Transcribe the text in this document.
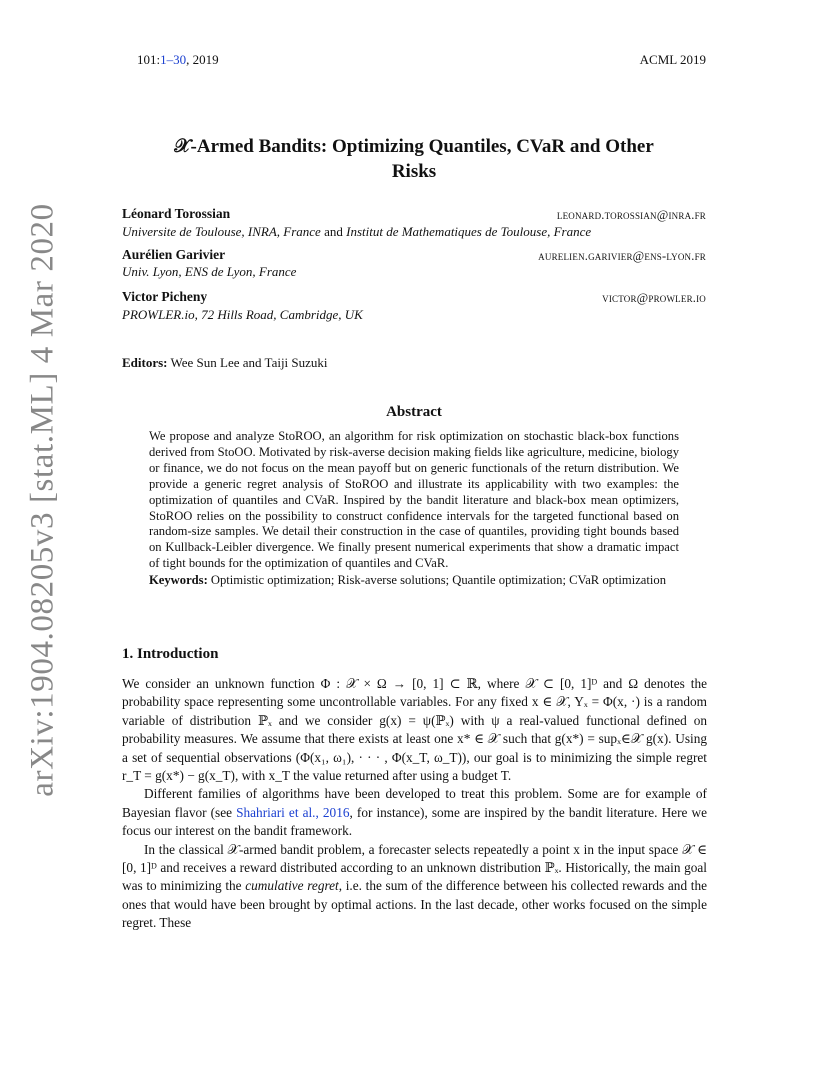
101:1–30, 2019	ACML 2019
arXiv:1904.08205v3 [stat.ML] 4 Mar 2020
𝒳-Armed Bandits: Optimizing Quantiles, CVaR and Other
Risks
Léonard Torossian	leonard.torossian@inra.fr
Universite de Toulouse, INRA, France and Institut de Mathematiques de Toulouse, France
Aurélien Garivier	aurelien.garivier@ens-lyon.fr
Univ. Lyon, ENS de Lyon, France
Victor Picheny	victor@prowler.io
PROWLER.io, 72 Hills Road, Cambridge, UK
Editors: Wee Sun Lee and Taiji Suzuki
Abstract

We propose and analyze StoROO, an algorithm for risk optimization on stochastic black-box functions derived from StoOO. Motivated by risk-averse decision making fields like agriculture, medicine, biology or finance, we do not focus on the mean payoff but on generic functionals of the return distribution. We provide a generic regret analysis of StoROO and illustrate its applicability with two examples: the optimization of quantiles and CVaR. Inspired by the bandit literature and black-box mean optimizers, StoROO relies on the possibility to construct confidence intervals for the targeted functional based on random-size samples. We detail their construction in the case of quantiles, providing tight bounds based on Kullback-Leibler divergence. We finally present numerical experiments that show a dramatic impact of tight bounds for the optimization of quantiles and CVaR.

Keywords: Optimistic optimization; Risk-averse solutions; Quantile optimization; CVaR optimization

1. Introduction

We consider an unknown function Φ : 𝒳 × Ω → [0, 1] ⊂ ℝ, where 𝒳 ⊂ [0, 1]ᴰ and Ω denotes the probability space representing some uncontrollable variables. For any fixed x ∈ 𝒳, Yₓ = Φ(x, ·) is a random variable of distribution ℙₓ and we consider g(x) = ψ(ℙₓ) with ψ a real-valued functional defined on probability measures. We assume that there exists at least one x* ∈ 𝒳 such that g(x*) = supₓ∈𝒳 g(x). Using a set of sequential observations (Φ(x₁, ω₁), · · · , Φ(x_T, ω_T)), our goal is to minimizing the simple regret r_T = g(x*) − g(x_T), with x_T the value returned after using a budget T.

Different families of algorithms have been developed to treat this problem. Some are for example of Bayesian flavor (see Shahriari et al., 2016, for instance), some are inspired by the bandit literature. Here we focus our interest on the bandit framework.

In the classical 𝒳-armed bandit problem, a forecaster selects repeatedly a point x in the input space 𝒳 ∈ [0, 1]ᴰ and receives a reward distributed according to an unknown distribution ℙₓ. Historically, the main goal was to minimizing the cumulative regret, i.e. the sum of the difference between his collected rewards and the ones that would have been brought by optimal actions. In the last decade, other works focused on the simple regret. These
